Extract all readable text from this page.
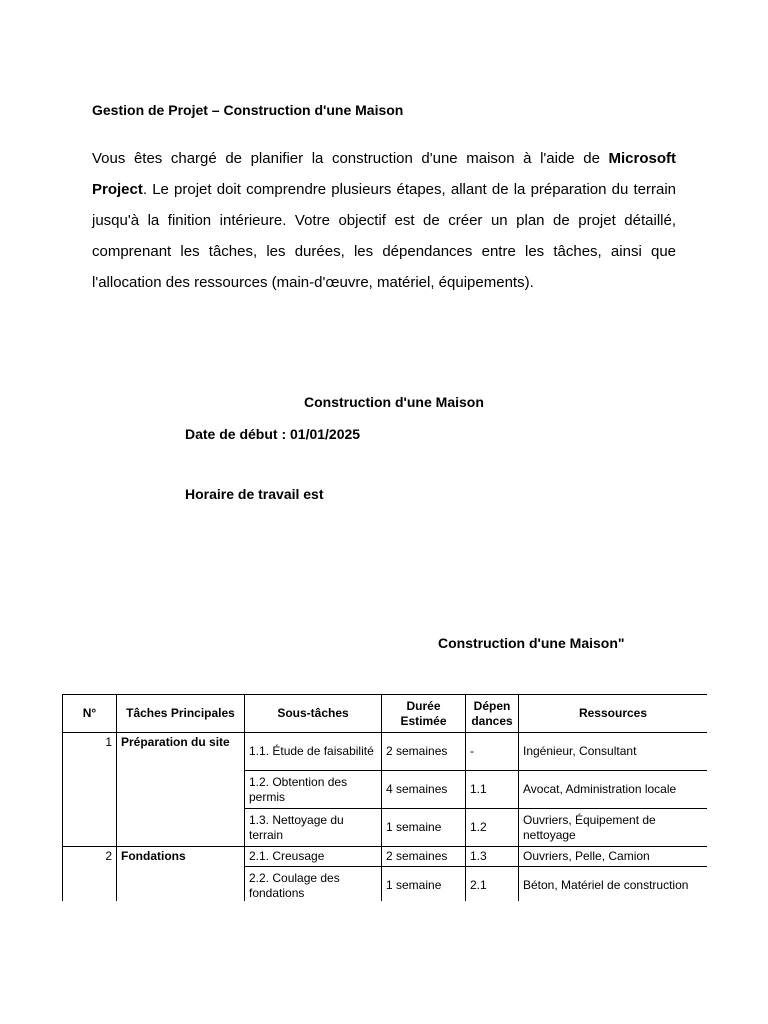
Gestion de Projet – Construction d'une Maison

Vous êtes chargé de planifier la construction d'une maison à l'aide de Microsoft Project. Le projet doit comprendre plusieurs étapes, allant de la préparation du terrain jusqu'à la finition intérieure. Votre objectif est de créer un plan de projet détaillé, comprenant les tâches, les durées, les dépendances entre les tâches, ainsi que l'allocation des ressources (main-d'œuvre, matériel, équipements).

Construction d'une Maison
Date de début : 01/01/2025
Horaire de travail est
Construction d'une Maison"
N°	Tâches Principales	Sous-tâches	Durée Estimée	Dépen dances	Ressources
1	Préparation du site	1.1. Étude de faisabilité	2 semaines	-	Ingénieur, Consultant
		1.2. Obtention des permis	4 semaines	1.1	Avocat, Administration locale
		1.3. Nettoyage du terrain	1 semaine	1.2	Ouvriers, Équipement de nettoyage
2	Fondations	2.1. Creusage	2 semaines	1.3	Ouvriers, Pelle, Camion
		2.2. Coulage des fondations	1 semaine	2.1	Béton, Matériel de construction
